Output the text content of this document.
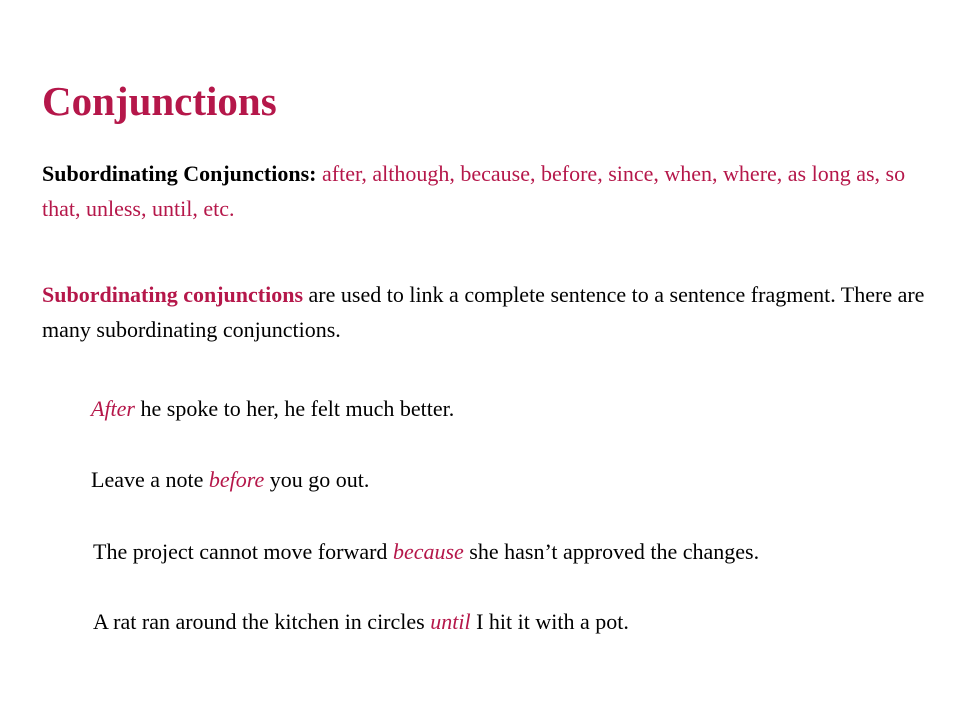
Conjunctions

Subordinating Conjunctions: after, although, because, before, since, when, where, as long as, so that, unless, until, etc.

Subordinating conjunctions are used to link a complete sentence to a sentence fragment. There are many subordinating conjunctions.

After he spoke to her, he felt much better.

Leave a note before you go out.

The project cannot move forward because she hasn’t approved the changes.

A rat ran around the kitchen in circles until I hit it with a pot.
